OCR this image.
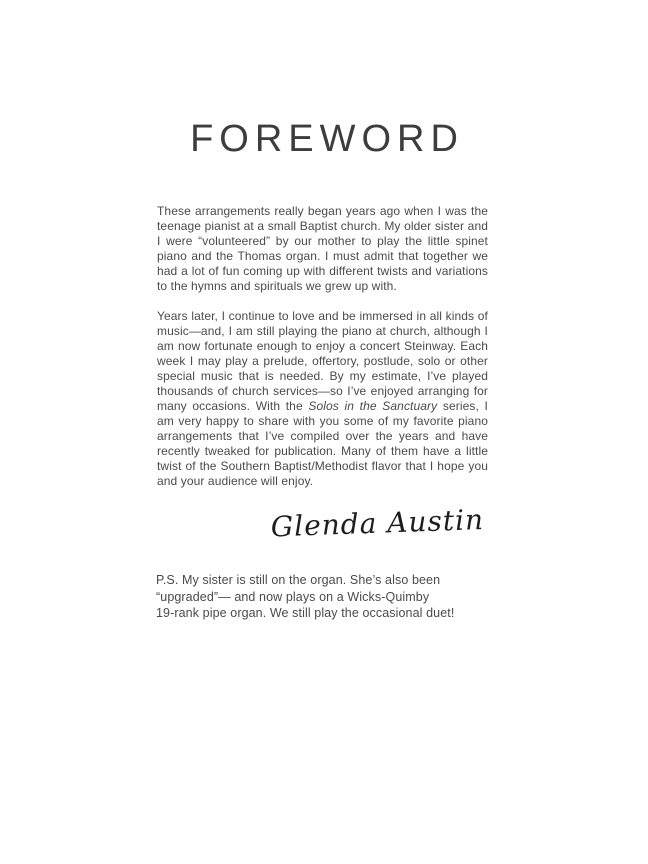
FOREWORD

These arrangements really began years ago when I was the teenage pianist at a small Baptist church. My older sister and I were “volunteered” by our mother to play the little spinet piano and the Thomas organ. I must admit that together we had a lot of fun coming up with different twists and variations to the hymns and spirituals we grew up with.

Years later, I continue to love and be immersed in all kinds of music—and, I am still playing the piano at church, although I am now fortunate enough to enjoy a concert Steinway. Each week I may play a prelude, offertory, postlude, solo or other special music that is needed. By my estimate, I’ve played thousands of church services—so I’ve enjoyed arranging for many occasions. With the Solos in the Sanctuary series, I am very happy to share with you some of my favorite piano arrangements that I’ve compiled over the years and have recently tweaked for publication. Many of them have a little twist of the Southern Baptist/Methodist flavor that I hope you and your audience will enjoy.

Glenda Austin
P.S. My sister is still on the organ. She’s also been
“upgraded”— and now plays on a Wicks-Quimby
19-rank pipe organ. We still play the occasional duet!
